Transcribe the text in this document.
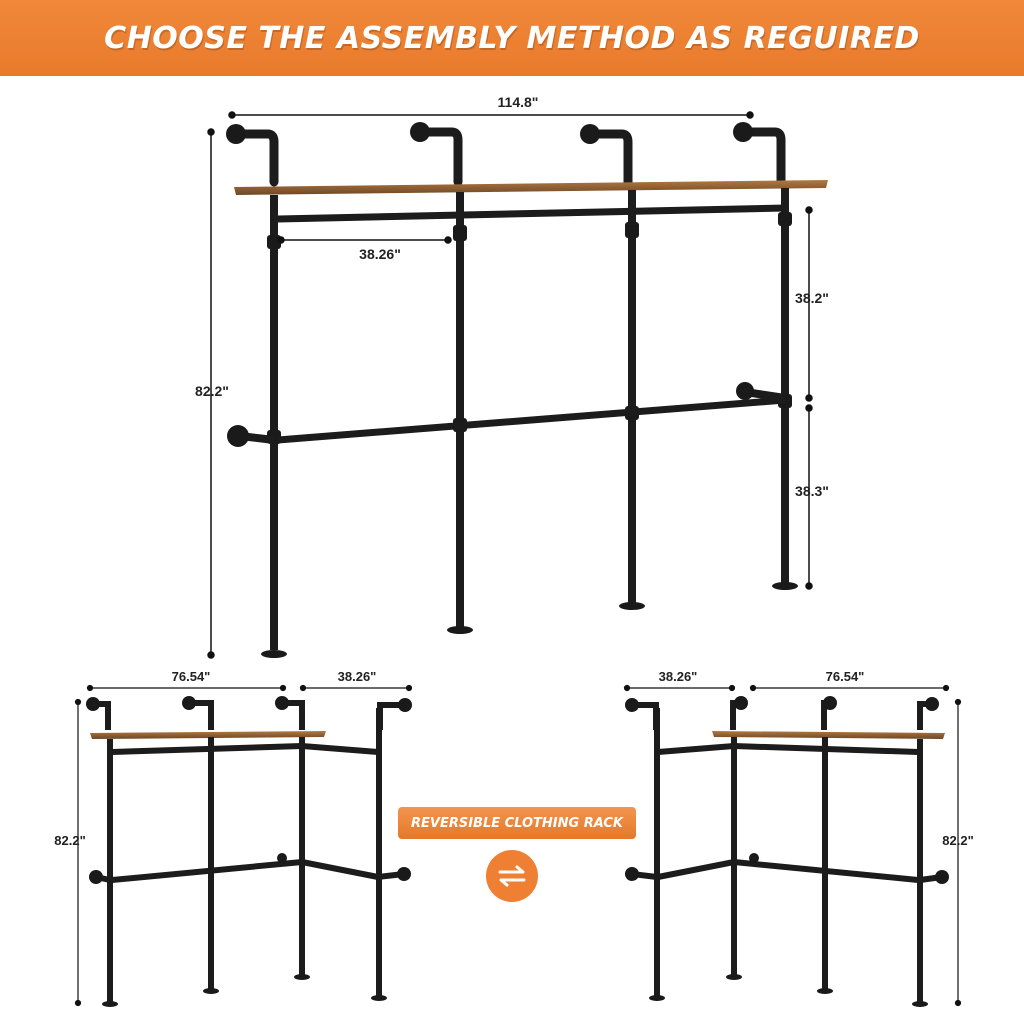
CHOOSE THE ASSEMBLY METHOD AS REGUIRED
114.8"
38.26"
82.2"
38.2"
38.3"
76.54"	38.26"
82.2"
38.26"	76.54"
82.2"
REVERSIBLE CLOTHING RACK
